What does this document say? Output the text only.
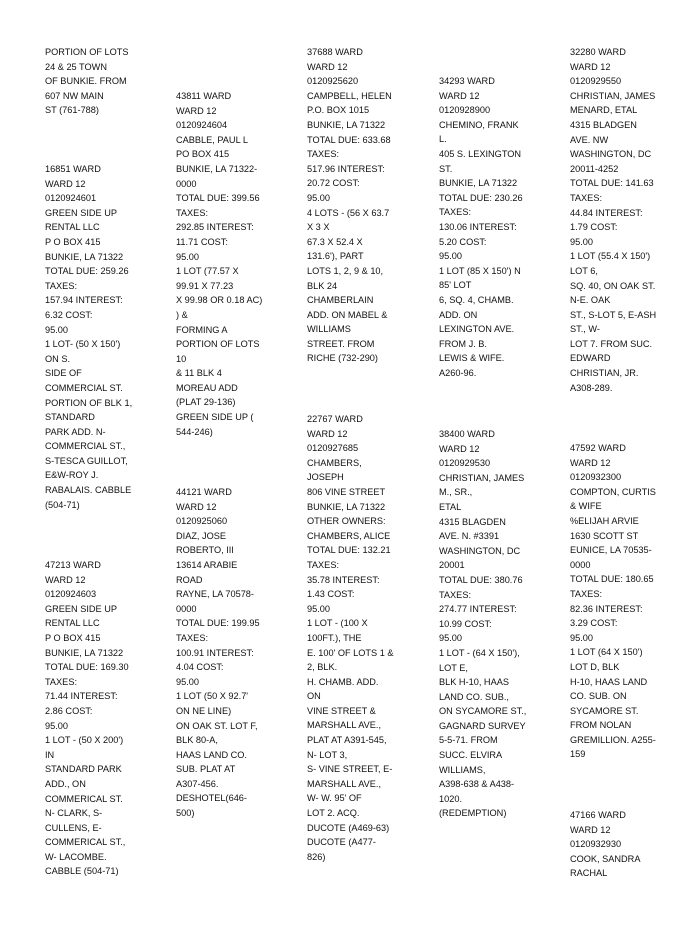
PORTION OF LOTS
24 & 25 TOWN
OF BUNKIE. FROM
607 NW MAIN
ST (761-788)
16851 WARD
WARD 12
0120924601
GREEN SIDE UP
RENTAL LLC
P O BOX 415
BUNKIE, LA 71322
TOTAL DUE: 259.26
TAXES:
157.94 INTEREST:
6.32 COST:
95.00
1 LOT- (50 X 150')
ON S.
SIDE OF
COMMERCIAL ST.
PORTION OF BLK 1,
STANDARD
PARK ADD. N-
COMMERCIAL ST.,
S-TESCA GUILLOT,
E&W-ROY J.
RABALAIS. CABBLE
(504-71)
47213 WARD
WARD 12
0120924603
GREEN SIDE UP
RENTAL LLC
P O BOX 415
BUNKIE, LA 71322
TOTAL DUE: 169.30
TAXES:
71.44 INTEREST:
2.86 COST:
95.00
1 LOT - (50 X 200')
IN
STANDARD PARK
ADD., ON
COMMERICAL ST.
N- CLARK, S-
CULLENS, E-
COMMERICAL ST.,
W- LACOMBE.
CABBLE (504-71)
43811 WARD
WARD 12
0120924604
CABBLE, PAUL L
PO BOX 415
BUNKIE, LA 71322-
0000
TOTAL DUE: 399.56
TAXES:
292.85 INTEREST:
11.71 COST:
95.00
1 LOT (77.57 X
99.91 X 77.23
X 99.98 OR 0.18 AC)
) &
FORMING A
PORTION OF LOTS
10
& 11 BLK 4
MOREAU ADD
(PLAT 29-136)
GREEN SIDE UP (
544-246)
44121 WARD
WARD 12
0120925060
DIAZ, JOSE
ROBERTO, III
13614 ARABIE
ROAD
RAYNE, LA 70578-
0000
TOTAL DUE: 199.95
TAXES:
100.91 INTEREST:
4.04 COST:
95.00
1 LOT (50 X 92.7'
ON NE LINE)
ON OAK ST. LOT F,
BLK 80-A,
HAAS LAND CO.
SUB. PLAT AT
A307-456.
DESHOTEL(646-
500)
37688 WARD
WARD 12
0120925620
CAMPBELL, HELEN
P.O. BOX 1015
BUNKIE, LA 71322
TOTAL DUE: 633.68
TAXES:
517.96 INTEREST:
20.72 COST:
95.00
4 LOTS - (56 X 63.7
X 3 X
67.3 X 52.4 X
131.6'), PART
LOTS 1, 2, 9 & 10,
BLK 24
CHAMBERLAIN
ADD. ON MABEL &
WILLIAMS
STREET. FROM
RICHE (732-290)
22767 WARD
WARD 12
0120927685
CHAMBERS,
JOSEPH
806 VINE STREET
BUNKIE, LA 71322
OTHER OWNERS:
CHAMBERS, ALICE
TOTAL DUE: 132.21
TAXES:
35.78 INTEREST:
1.43 COST:
95.00
1 LOT - (100 X
100FT.), THE
E. 100' OF LOTS 1 &
2, BLK.
H. CHAMB. ADD.
ON
VINE STREET &
MARSHALL AVE.,
PLAT AT A391-545,
N- LOT 3,
S- VINE STREET, E-
MARSHALL AVE.,
W- W. 95' OF
LOT 2. ACQ.
DUCOTE (A469-63)
DUCOTE (A477-
826)
34293 WARD
WARD 12
0120928900
CHEMINO, FRANK
L.
405 S. LEXINGTON
ST.
BUNKIE, LA 71322
TOTAL DUE: 230.26
TAXES:
130.06 INTEREST:
5.20 COST:
95.00
1 LOT (85 X 150') N
85' LOT
6, SQ. 4, CHAMB.
ADD. ON
LEXINGTON AVE.
FROM J. B.
LEWIS & WIFE.
A260-96.
38400 WARD
WARD 12
0120929530
CHRISTIAN, JAMES
M., SR.,
ETAL
4315 BLAGDEN
AVE. N. #3391
WASHINGTON, DC
20001
TOTAL DUE: 380.76
TAXES:
274.77 INTEREST:
10.99 COST:
95.00
1 LOT - (64 X 150'),
LOT E,
BLK H-10, HAAS
LAND CO. SUB.,
ON SYCAMORE ST.,
GAGNARD SURVEY
5-5-71. FROM
SUCC. ELVIRA
WILLIAMS,
A398-638 & A438-
1020.
(REDEMPTION)
32280 WARD
WARD 12
0120929550
CHRISTIAN, JAMES
MENARD, ETAL
4315 BLADGEN
AVE. NW
WASHINGTON, DC
20011-4252
TOTAL DUE: 141.63
TAXES:
44.84 INTEREST:
1.79 COST:
95.00
1 LOT (55.4 X 150')
LOT 6,
SQ. 40, ON OAK ST.
N-E. OAK
ST., S-LOT 5, E-ASH
ST., W-
LOT 7. FROM SUC.
EDWARD
CHRISTIAN, JR.
A308-289.
47592 WARD
WARD 12
0120932300
COMPTON, CURTIS
& WIFE
%ELIJAH ARVIE
1630 SCOTT ST
EUNICE, LA 70535-
0000
TOTAL DUE: 180.65
TAXES:
82.36 INTEREST:
3.29 COST:
95.00
1 LOT (64 X 150')
LOT D, BLK
H-10, HAAS LAND
CO. SUB. ON
SYCAMORE ST.
FROM NOLAN
GREMILLION. A255-
159
47166 WARD
WARD 12
0120932930
COOK, SANDRA
RACHAL
